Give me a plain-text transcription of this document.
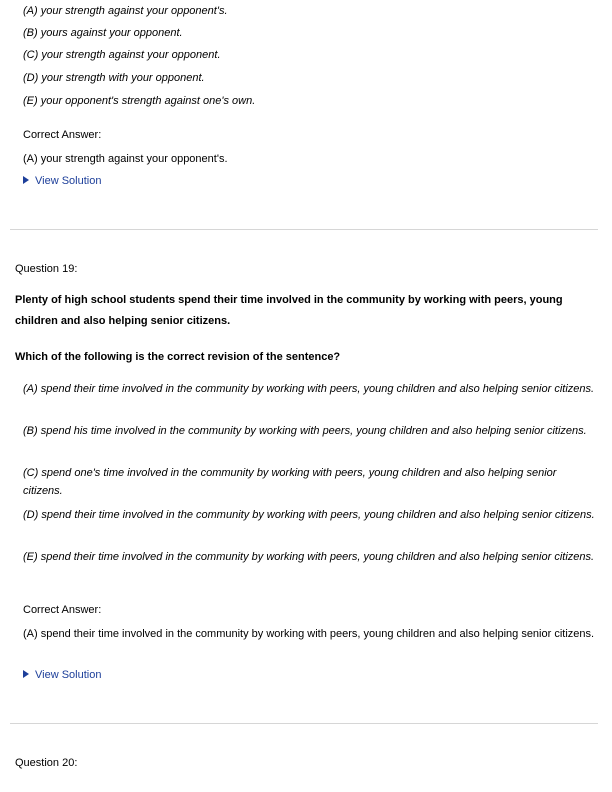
(A) your strength against your opponent's.
(B) yours against your opponent.
(C) your strength against your opponent.
(D) your strength with your opponent.
(E) your opponent's strength against one's own.
Correct Answer:
(A) your strength against your opponent's.
View Solution
Question 19:
Plenty of high school students spend their time involved in the community by working with peers, young children and also helping senior citizens.
Which of the following is the correct revision of the sentence?
(A) spend their time involved in the community by working with peers, young children and also helping senior citizens.
(B) spend his time involved in the community by working with peers, young children and also helping senior citizens.
(C) spend one's time involved in the community by working with peers, young children and also helping senior citizens.
(D) spend their time involved in the community by working with peers, young children and also helping senior citizens.
(E) spend their time involved in the community by working with peers, young children and also helping senior citizens.
Correct Answer:
(A) spend their time involved in the community by working with peers, young children and also helping senior citizens.
View Solution
Question 20:
